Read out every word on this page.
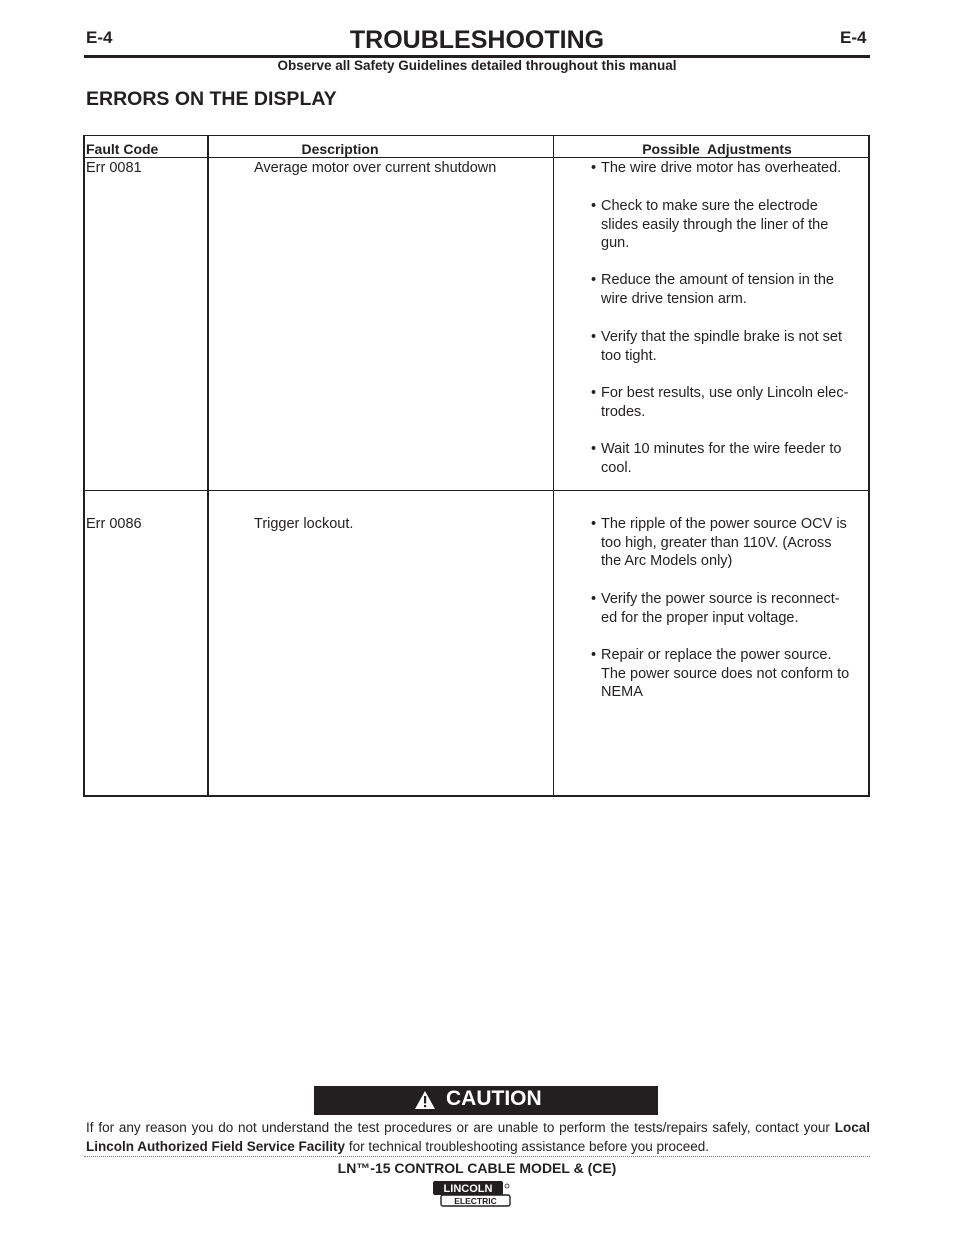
E-4	TROUBLESHOOTING	E-4
Observe all Safety Guidelines detailed throughout this manual
ERRORS ON THE DISPLAY
Fault Code	Description	Possible  Adjustments
Err 0081	Average motor over current shutdown	• The wire drive motor has overheated.
• Check to make sure the electrode
slides easily through the liner of the
gun.
• Reduce the amount of tension in the
wire drive tension arm.
• Verify that the spindle brake is not set
too tight.
• For best results, use only Lincoln elec-
trodes.
• Wait 10 minutes for the wire feeder to
cool.
Err 0086	Trigger lockout.	• The ripple of the power source OCV is
too high, greater than 110V. (Across
the Arc Models only)
• Verify the power source is reconnect-
ed for the proper input voltage.
• Repair or replace the power source.
The power source does not conform to
NEMA
CAUTION
If for any reason you do not understand the test procedures or are unable to perform the tests/repairs safely, contact your Local Lincoln Authorized Field Service Facility for technical troubleshooting assistance before you proceed.
LN™-15 CONTROL CABLE MODEL & (CE)
LINCOLN
ELECTRIC
